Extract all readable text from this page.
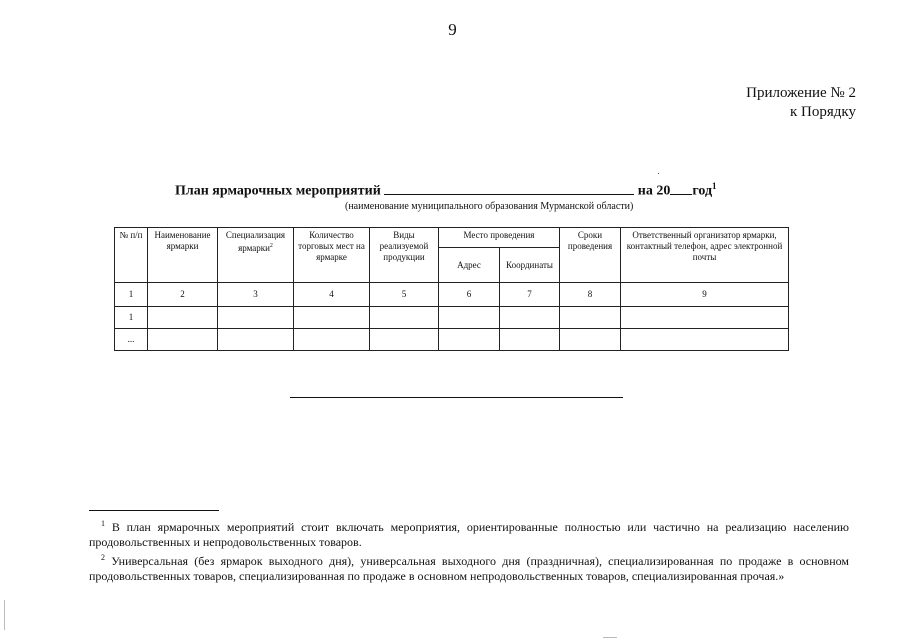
9
Приложение № 2
к Порядку
План ярмарочных мероприятий	на 20 год$^1$
(наименование муниципального образования Мурманской области)
№ п/п	Наименование ярмарки	Специализация ярмарки$^2$	Количество торговых мест на ярмарке	Виды реализуемой продукции	Место проведения		Сроки проведения	Ответственный организатор ярмарки, контактный телефон, адрес электронной почты
					Адрес	Координаты		
1	2	3	4	5	6	7	8	9
1								
...								

$^1$ В план ярмарочных мероприятий стоит включать мероприятия, ориентированные полностью или частично на реализацию населению продовольственных и непродовольственных товаров.

$^2$ Универсальная (без ярмарок выходного дня), универсальная выходного дня (праздничная), специализированная по продаже в основном продовольственных товаров, специализированная по продаже в основном непродовольственных товаров, специализированная прочая.»
